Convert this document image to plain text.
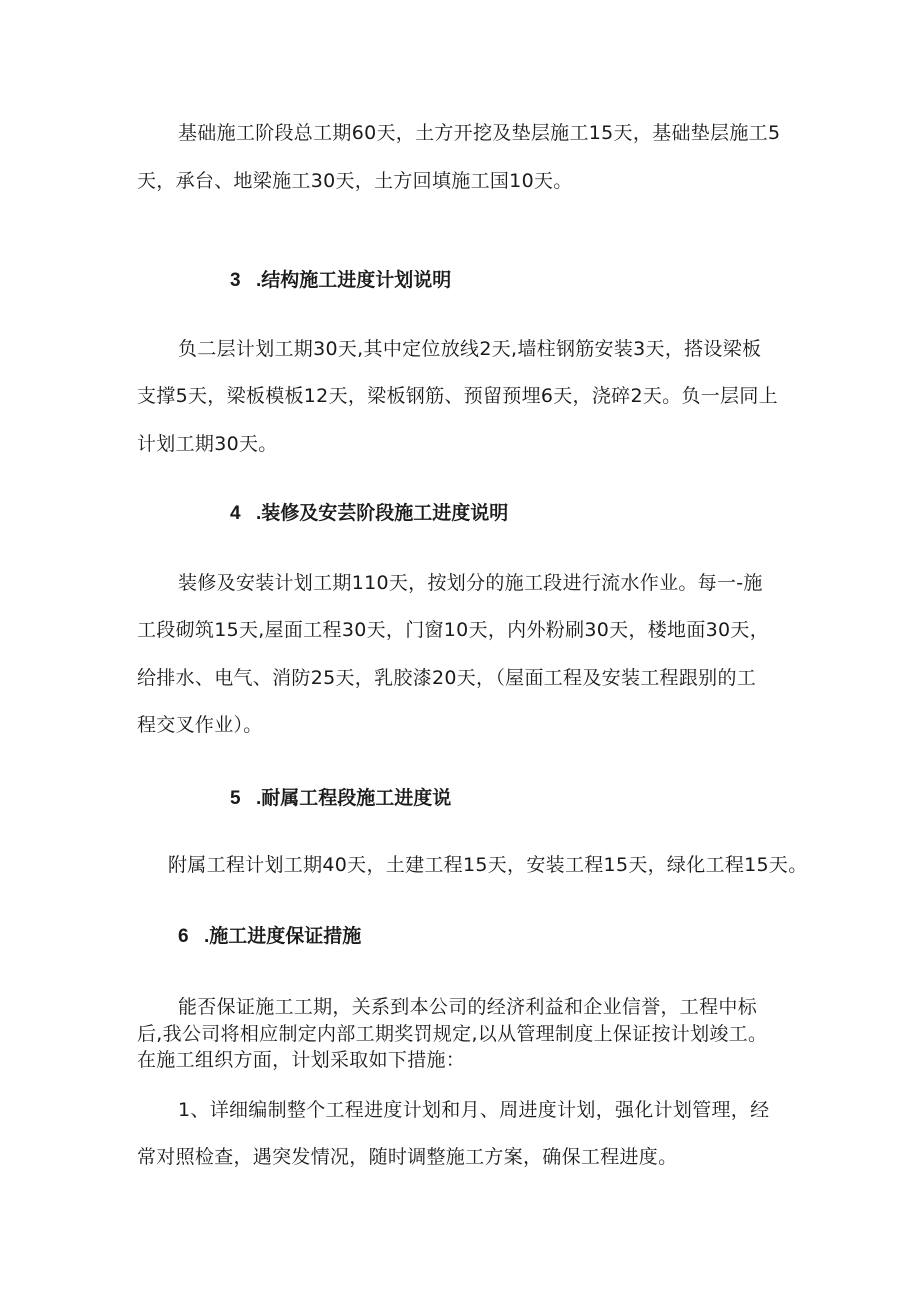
基础施工阶段总工期60天，土方开挖及垫层施工15天，基础垫层施工5
天，承台、地梁施工30天，土方回填施工国10天。
3 .结构施工进度计划说明
负二层计划工期30天,其中定位放线2天,墙柱钢筋安装3天，搭设梁板
支撑5天，梁板模板12天，梁板钢筋、预留预埋6天，浇碎2天。负一层同上
计划工期30天。
4 .装修及安芸阶段施工进度说明
装修及安装计划工期110天，按划分的施工段进行流水作业。每一-施
工段砌筑15天,屋面工程30天，门窗10天，内外粉刷30天，楼地面30天，
给排水、电气、消防25天，乳胶漆20天，（屋面工程及安装工程跟别的工
程交叉作业）。
5 .耐属工程段施工进度说
附属工程计划工期40天，土建工程15天，安装工程15天，绿化工程15天。
6 .施工进度保证措施
能否保证施工工期，关系到本公司的经济利益和企业信誉，工程中标
后,我公司将相应制定内部工期奖罚规定,以从管理制度上保证按计划竣工。
在施工组织方面，计划采取如下措施：
1、详细编制整个工程进度计划和月、周进度计划，强化计划管理，经
常对照检查，遇突发情况，随时调整施工方案，确保工程进度。
